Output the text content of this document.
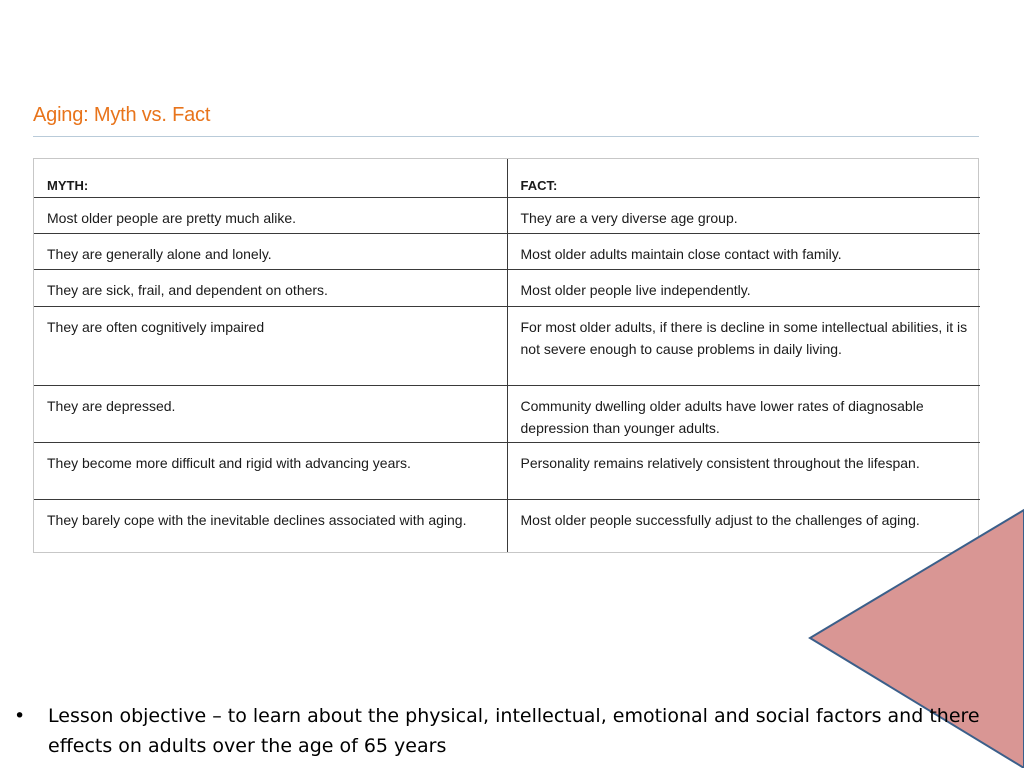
Aging: Myth vs. Fact
MYTH:	FACT:
Most older people are pretty much alike.	They are a very diverse age group.
They are generally alone and lonely.	Most older adults maintain close contact with family.
They are sick, frail, and dependent on others.	Most older people live independently.
They are often cognitively impaired	For most older adults, if there is decline in some intellectual abilities, it is not severe enough to cause problems in daily living.
They are depressed.	Community dwelling older adults have lower rates of diagnosable depression than younger adults.
They become more difficult and rigid with advancing years.	Personality remains relatively consistent throughout the lifespan.
They barely cope with the inevitable declines associated with aging.	Most older people successfully adjust to the challenges of aging.
•	Lesson objective – to learn about the physical, intellectual, emotional and social factors and there effects on adults over the age of 65 years
